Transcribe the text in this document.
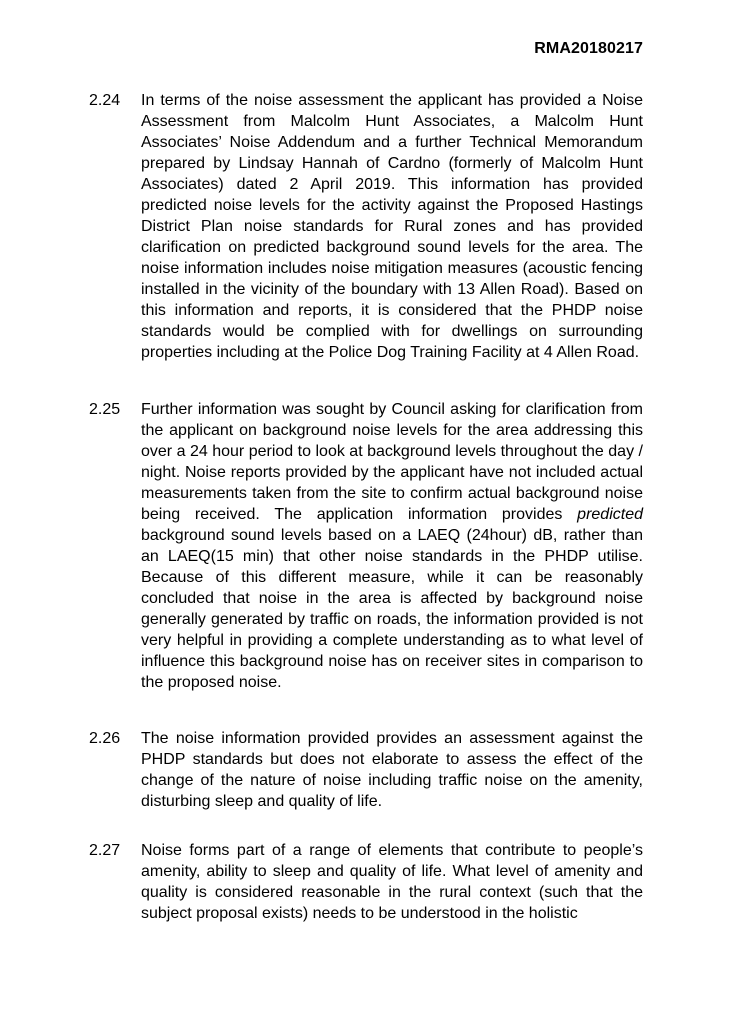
RMA20180217
2.24	In terms of the noise assessment the applicant has provided a Noise Assessment from Malcolm Hunt Associates, a Malcolm Hunt Associates’ Noise Addendum and a further Technical Memorandum prepared by Lindsay Hannah of Cardno (formerly of Malcolm Hunt Associates) dated 2 April 2019. This information has provided predicted noise levels for the activity against the Proposed Hastings District Plan noise standards for Rural zones and has provided clarification on predicted background sound levels for the area. The noise information includes noise mitigation measures (acoustic fencing installed in the vicinity of the boundary with 13 Allen Road). Based on this information and reports, it is considered that the PHDP noise standards would be complied with for dwellings on surrounding properties including at the Police Dog Training Facility at 4 Allen Road.

2.25	Further information was sought by Council asking for clarification from the applicant on background noise levels for the area addressing this over a 24 hour period to look at background levels throughout the day / night. Noise reports provided by the applicant have not included actual measurements taken from the site to confirm actual background noise being received. The application information provides predicted background sound levels based on a LAEQ (24hour) dB, rather than an LAEQ(15 min) that other noise standards in the PHDP utilise. Because of this different measure, while it can be reasonably concluded that noise in the area is affected by background noise generally generated by traffic on roads, the information provided is not very helpful in providing a complete understanding as to what level of influence this background noise has on receiver sites in comparison to the proposed noise.

2.26	The noise information provided provides an assessment against the PHDP standards but does not elaborate to assess the effect of the change of the nature of noise including traffic noise on the amenity, disturbing sleep and quality of life.

2.27	Noise forms part of a range of elements that contribute to people’s amenity, ability to sleep and quality of life. What level of amenity and quality is considered reasonable in the rural context (such that the subject proposal exists) needs to be understood in the holistic
